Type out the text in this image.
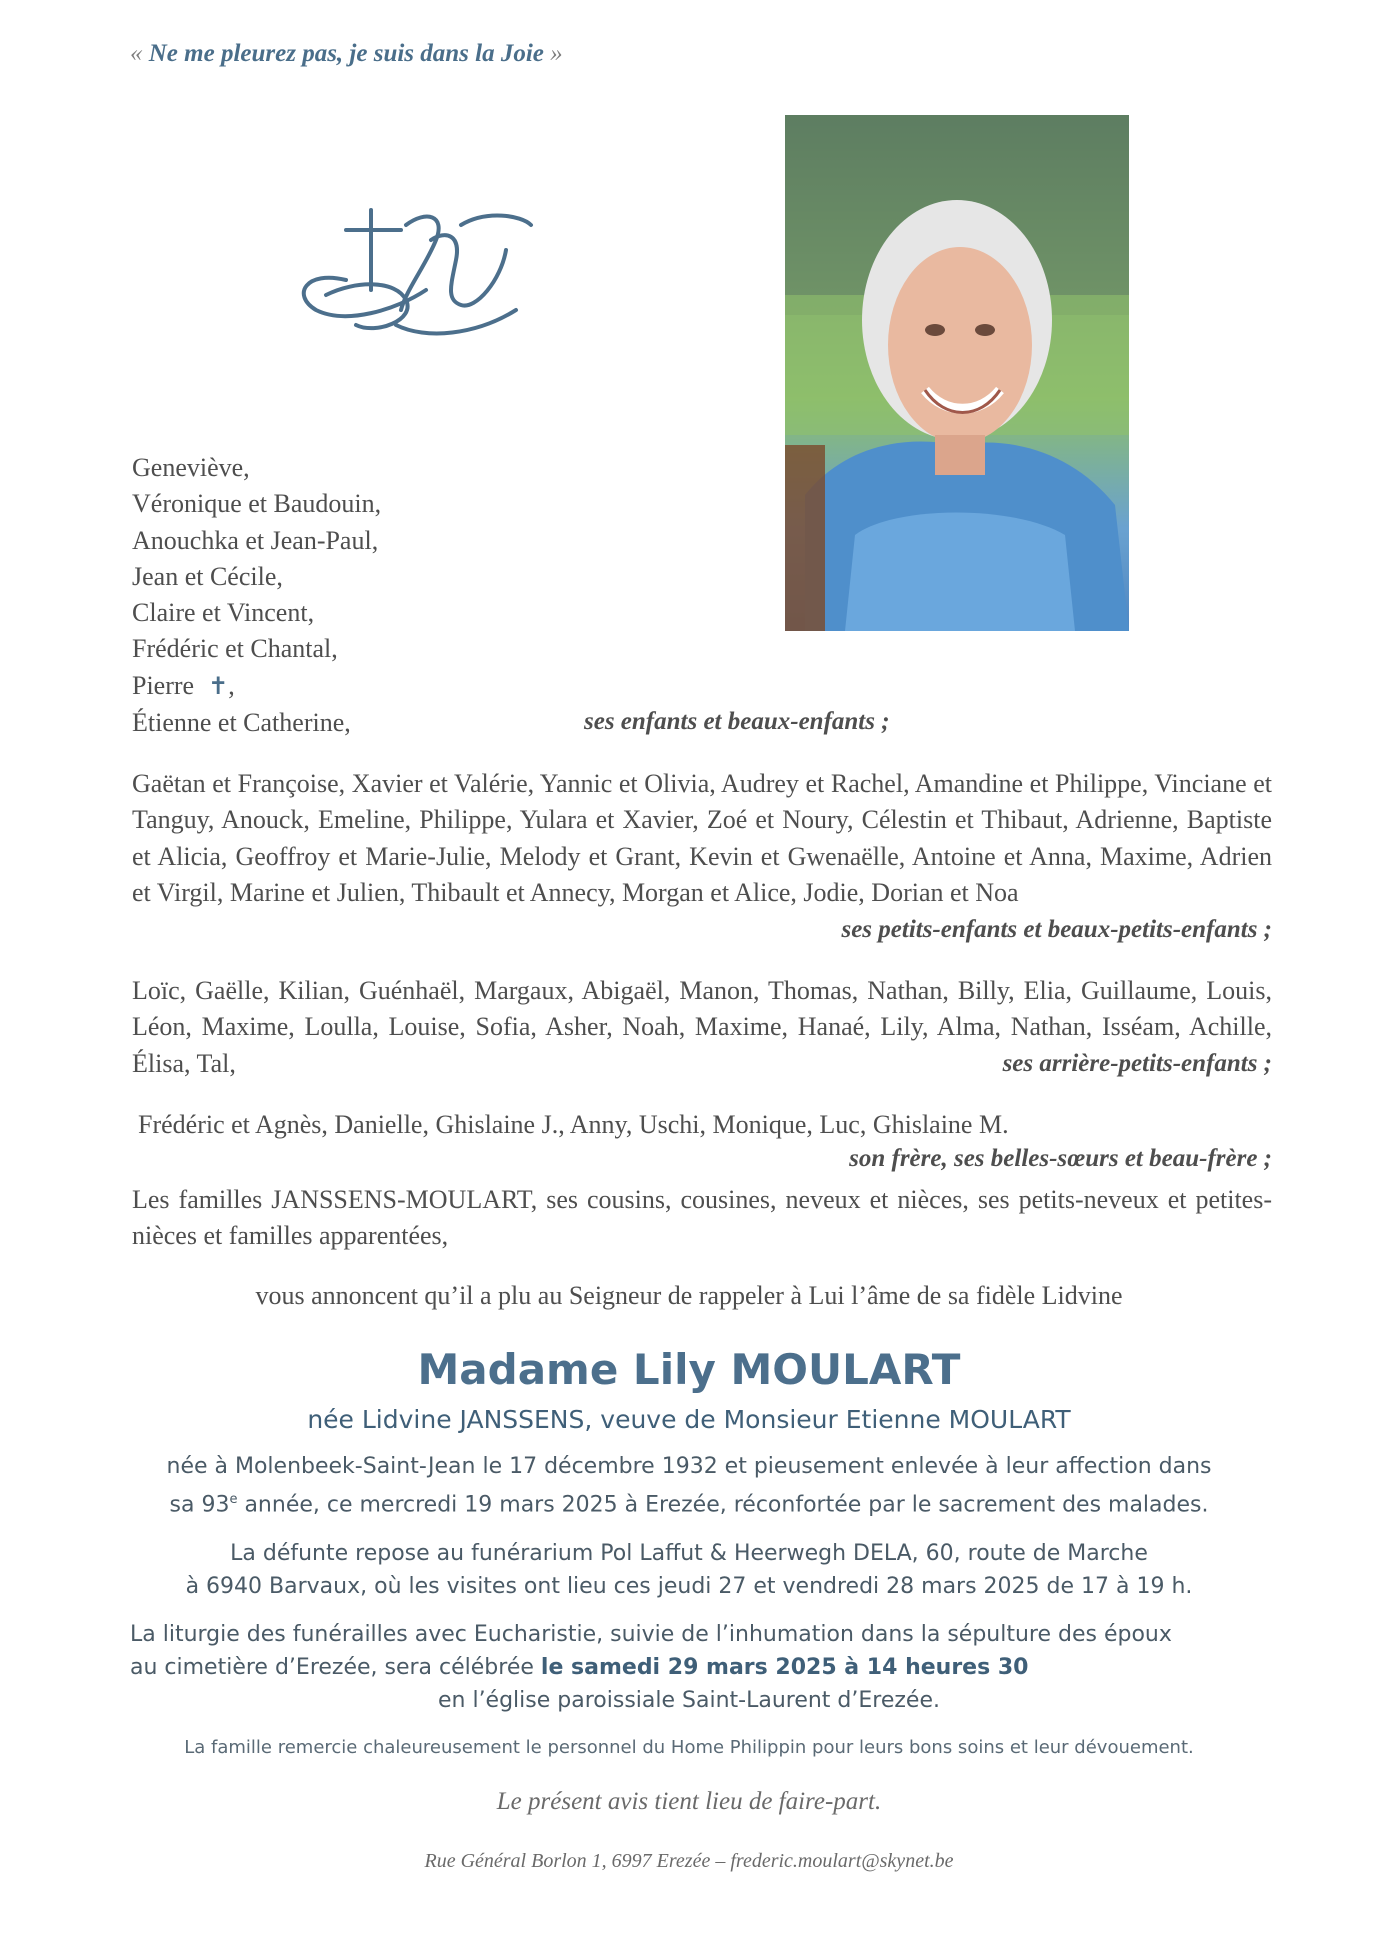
« Ne me pleurez pas, je suis dans la Joie »
Geneviève,
Véronique et Baudouin,
Anouchka et Jean-Paul,
Jean et Cécile,
Claire et Vincent,
Frédéric et Chantal,
Pierre ✝,
Étienne et Catherine,	ses enfants et beaux-enfants ;
Gaëtan et Françoise, Xavier et Valérie, Yannic et Olivia, Audrey et Rachel, Amandine et Philippe, Vinciane et Tanguy, Anouck, Emeline, Philippe, Yulara et Xavier, Zoé et Noury, Célestin et Thibaut, Adrienne, Baptiste et Alicia, Geoffroy et Marie-Julie, Melody et Grant, Kevin et Gwenaëlle, Antoine et Anna, Maxime, Adrien et Virgil, Marine et Julien, Thibault et Annecy, Morgan et Alice, Jodie, Dorian et Noa
ses petits-enfants et beaux-petits-enfants ;
Loïc, Gaëlle, Kilian, Guénhaël, Margaux, Abigaël, Manon, Thomas, Nathan, Billy, Elia, Guillaume, Louis, Léon, Maxime, Loulla, Louise, Sofia, Asher, Noah, Maxime, Hanaé, Lily, Alma, Nathan, Isséam, Achille, Élisa, Tal,	ses arrière-petits-enfants ;
Frédéric et Agnès, Danielle, Ghislaine J., Anny, Uschi, Monique, Luc, Ghislaine M.
son frère, ses belles-sœurs et beau-frère ;
Les familles JANSSENS-MOULART, ses cousins, cousines, neveux et nièces, ses petits-neveux et petites-nièces et familles apparentées,
vous annoncent qu’il a plu au Seigneur de rappeler à Lui l’âme de sa fidèle Lidvine
Madame Lily MOULART
née Lidvine JANSSENS, veuve de Monsieur Etienne MOULART
née à Molenbeek-Saint-Jean le 17 décembre 1932 et pieusement enlevée à leur affection dans
sa 93e année, ce mercredi 19 mars 2025 à Erezée, réconfortée par le sacrement des malades.
La défunte repose au funérarium Pol Laffut & Heerwegh DELA, 60, route de Marche
à 6940 Barvaux, où les visites ont lieu ces jeudi 27 et vendredi 28 mars 2025 de 17 à 19 h.
La liturgie des funérailles avec Eucharistie, suivie de l’inhumation dans la sépulture des époux
au cimetière d’Erezée, sera célébrée le samedi 29 mars 2025 à 14 heures 30
en l’église paroissiale Saint-Laurent d’Erezée.
La famille remercie chaleureusement le personnel du Home Philippin pour leurs bons soins et leur dévouement.
Le présent avis tient lieu de faire-part.
Rue Général Borlon 1, 6997 Erezée – frederic.moulart@skynet.be
